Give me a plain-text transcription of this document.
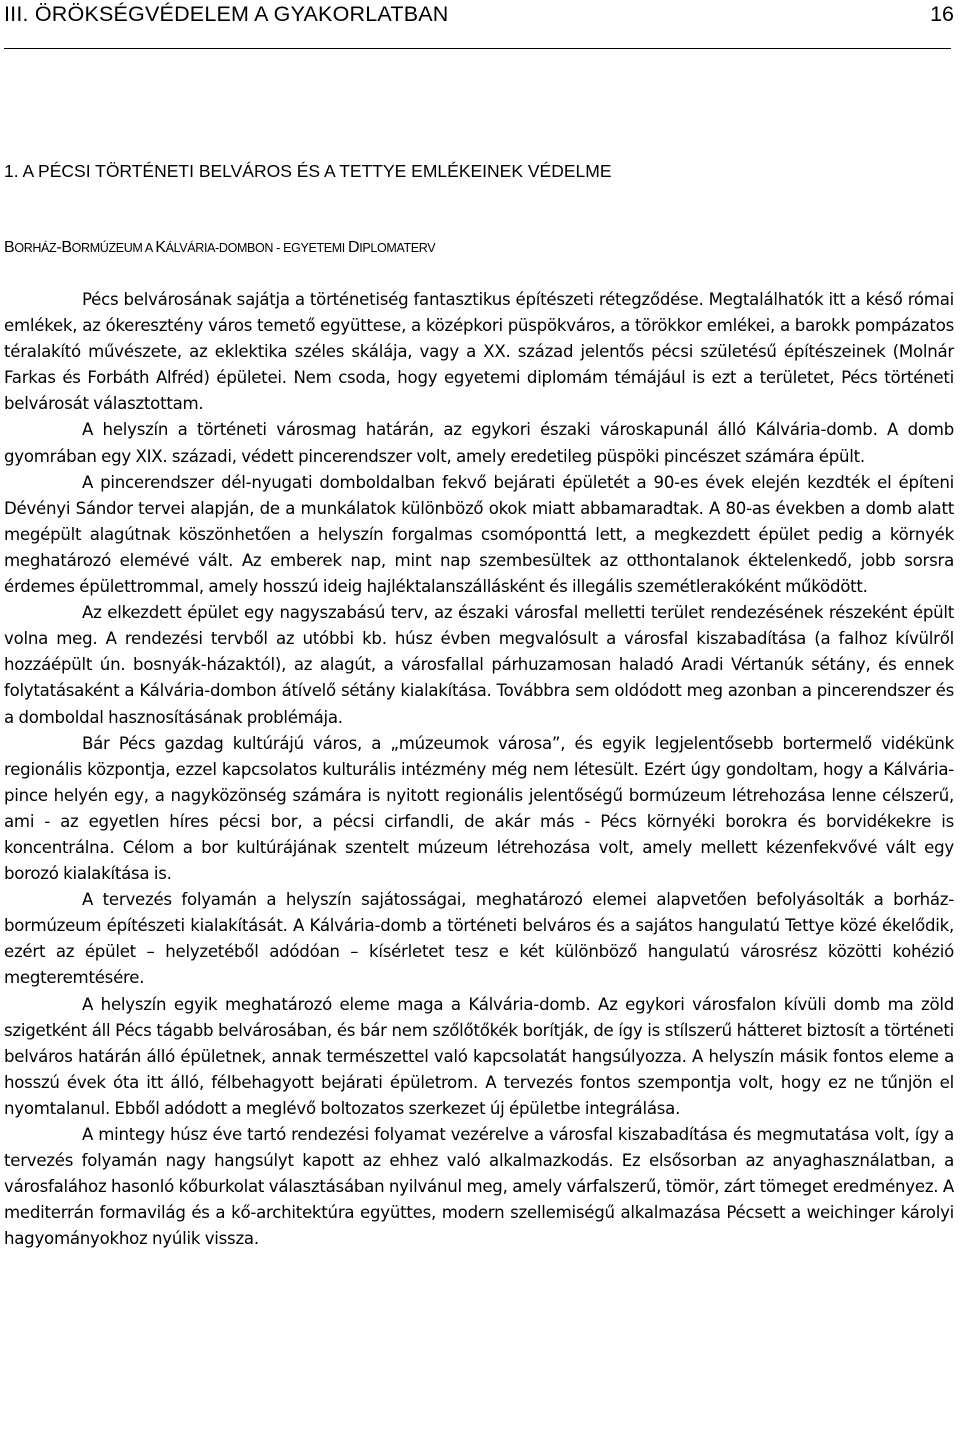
III. ÖRÖKSÉGVÉDELEM A GYAKORLATBAN	16
1. A PÉCSI TÖRTÉNETI BELVÁROS ÉS A TETTYE EMLÉKEINEK VÉDELME
BORHÁZ-BORMÚZEUM A KÁLVÁRIA-DOMBON - EGYETEMI DIPLOMATERV

Pécs belvárosának sajátja a történetiség fantasztikus építészeti rétegződése. Megtalálhatók itt a késő római emlékek, az ókeresztény város temető együttese, a középkori püspökváros, a törökkor emlékei, a barokk pompázatos téralakító művészete, az eklektika széles skálája, vagy a XX. század jelentős pécsi születésű építészeinek (Molnár Farkas és Forbáth Alfréd) épületei. Nem csoda, hogy egyetemi diplomám témájául is ezt a területet, Pécs történeti belvárosát választottam.

A helyszín a történeti városmag határán, az egykori északi városkapunál álló Kálvária-domb. A domb gyomrában egy XIX. századi, védett pincerendszer volt, amely eredetileg püspöki pincészet számára épült.

A pincerendszer dél-nyugati domboldalban fekvő bejárati épületét a 90-es évek elején kezdték el építeni Dévényi Sándor tervei alapján, de a munkálatok különböző okok miatt abbamaradtak. A 80-as években a domb alatt megépült alagútnak köszönhetően a helyszín forgalmas csomóponttá lett, a megkezdett épület pedig a környék meghatározó elemévé vált. Az emberek nap, mint nap szembesültek az otthontalanok éktelenkedő, jobb sorsra érdemes épülettrommal, amely hosszú ideig hajléktalanszállásként és illegális szemétlerakóként működött.

Az elkezdett épület egy nagyszabású terv, az északi városfal melletti terület rendezésének részeként épült volna meg. A rendezési tervből az utóbbi kb. húsz évben megvalósult a városfal kiszabadítása (a falhoz kívülről hozzáépült ún. bosnyák-házaktól), az alagút, a városfallal párhuzamosan haladó Aradi Vértanúk sétány, és ennek folytatásaként a Kálvária-dombon átívelő sétány kialakítása. Továbbra sem oldódott meg azonban a pincerendszer és a domboldal hasznosításának problémája.

Bár Pécs gazdag kultúrájú város, a „múzeumok városa”, és egyik legjelentősebb bortermelő vidékünk regionális központja, ezzel kapcsolatos kulturális intézmény még nem létesült. Ezért úgy gondoltam, hogy a Kálvária-pince helyén egy, a nagyközönség számára is nyitott regionális jelentőségű bormúzeum létrehozása lenne célszerű, ami - az egyetlen híres pécsi bor, a pécsi cirfandli, de akár más - Pécs környéki borokra és borvidékekre is koncentrálna. Célom a bor kultúrájának szentelt múzeum létrehozása volt, amely mellett kézenfekvővé vált egy borozó kialakítása is.

A tervezés folyamán a helyszín sajátosságai, meghatározó elemei alapvetően befolyásolták a borház-bormúzeum építészeti kialakítását. A Kálvária-domb a történeti belváros és a sajátos hangulatú Tettye közé ékelődik, ezért az épület – helyzetéből adódóan – kísérletet tesz e két különböző hangulatú városrész közötti kohézió megteremtésére.

A helyszín egyik meghatározó eleme maga a Kálvária-domb. Az egykori városfalon kívüli domb ma zöld szigetként áll Pécs tágabb belvárosában, és bár nem szőlőtőkék borítják, de így is stílszerű hátteret biztosít a történeti belváros határán álló épületnek, annak természettel való kapcsolatát hangsúlyozza. A helyszín másik fontos eleme a hosszú évek óta itt álló, félbehagyott bejárati épületrom. A tervezés fontos szempontja volt, hogy ez ne tűnjön el nyomtalanul. Ebből adódott a meglévő boltozatos szerkezet új épületbe integrálása.

A mintegy húsz éve tartó rendezési folyamat vezérelve a városfal kiszabadítása és megmutatása volt, így a tervezés folyamán nagy hangsúlyt kapott az ehhez való alkalmazkodás. Ez elsősorban az anyaghasználatban, a városfalához hasonló kőburkolat választásában nyilvánul meg, amely várfalszerű, tömör, zárt tömeget eredményez. A mediterrán formavilág és a kő-architektúra együttes, modern szellemiségű alkalmazása Pécsett a weichinger károlyi hagyományokhoz nyúlik vissza.
